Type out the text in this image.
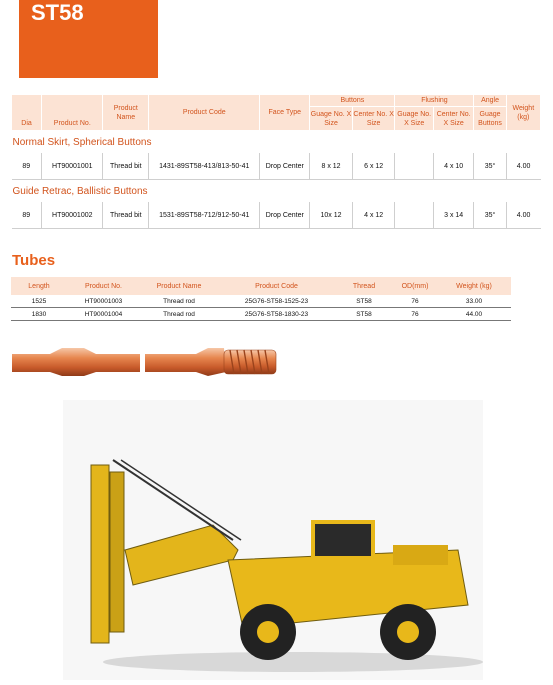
ST58
Dia	Product No.	Product Name	Product Code	Face Type	Buttons		Flushing		Angle	Weight (kg)
					Guage No. X Size	Center No. X Size	Guage No. X Size	Center No. X Size	Guage Buttons	
Normal Skirt, Spherical Buttons										
89	HT90001001	Thread bit	1431-89ST58-413/813-50-41	Drop Center	8 x 12	6 x 12		4 x 10	35°	4.00
Guide Retrac, Ballistic Buttons										
89	HT90001002	Thread bit	1531-89ST58-712/912-50-41	Drop Center	10x 12	4 x 12		3 x 14	35°	4.00
Tubes
Length	Product No.	Product Name	Product Code	Thread	OD(mm)	Weight (kg)
1525	HT90001003	Thread rod	25G76-ST58-1525-23	ST58	76	33.00
1830	HT90001004	Thread rod	25G76-ST58-1830-23	ST58	76	44.00
